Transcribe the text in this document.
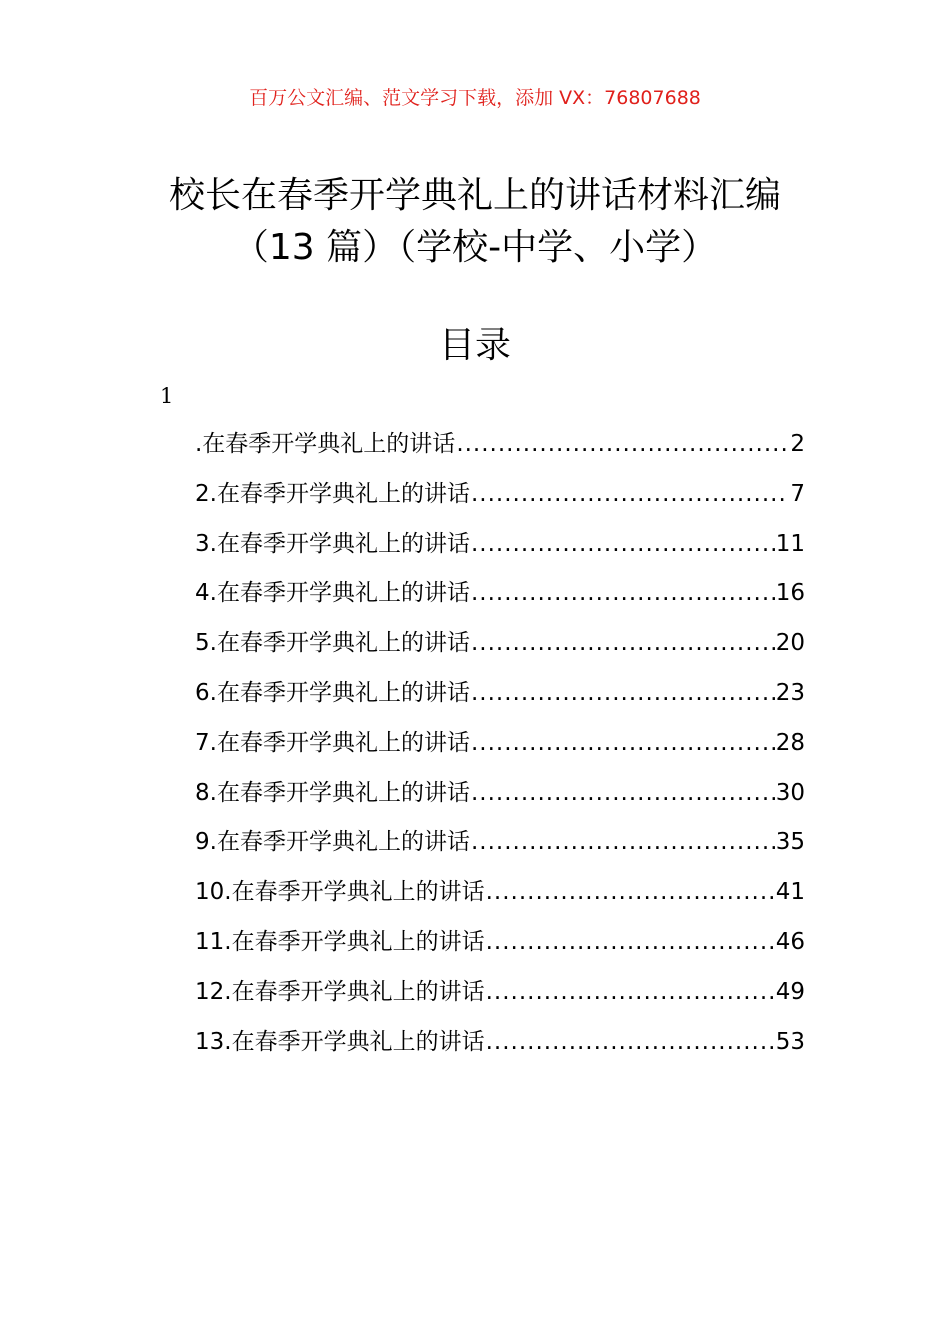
百万公文汇编、范文学习下载，添加 VX：76807688
校长在春季开学典礼上的讲话材料汇编
（13 篇）（学校-中学、小学）
目录
1
.在春季开学典礼上的讲话 .....	2
2.在春季开学典礼上的讲话 .....	7
3.在春季开学典礼上的讲话 .....	11
4.在春季开学典礼上的讲话 .....	16
5.在春季开学典礼上的讲话 .....	20
6.在春季开学典礼上的讲话 .....	23
7.在春季开学典礼上的讲话 .....	28
8.在春季开学典礼上的讲话 .....	30
9.在春季开学典礼上的讲话 .....	35
10.在春季开学典礼上的讲话 .....	41
11.在春季开学典礼上的讲话 .....	46
12.在春季开学典礼上的讲话 .....	49
13.在春季开学典礼上的讲话 .....	53
